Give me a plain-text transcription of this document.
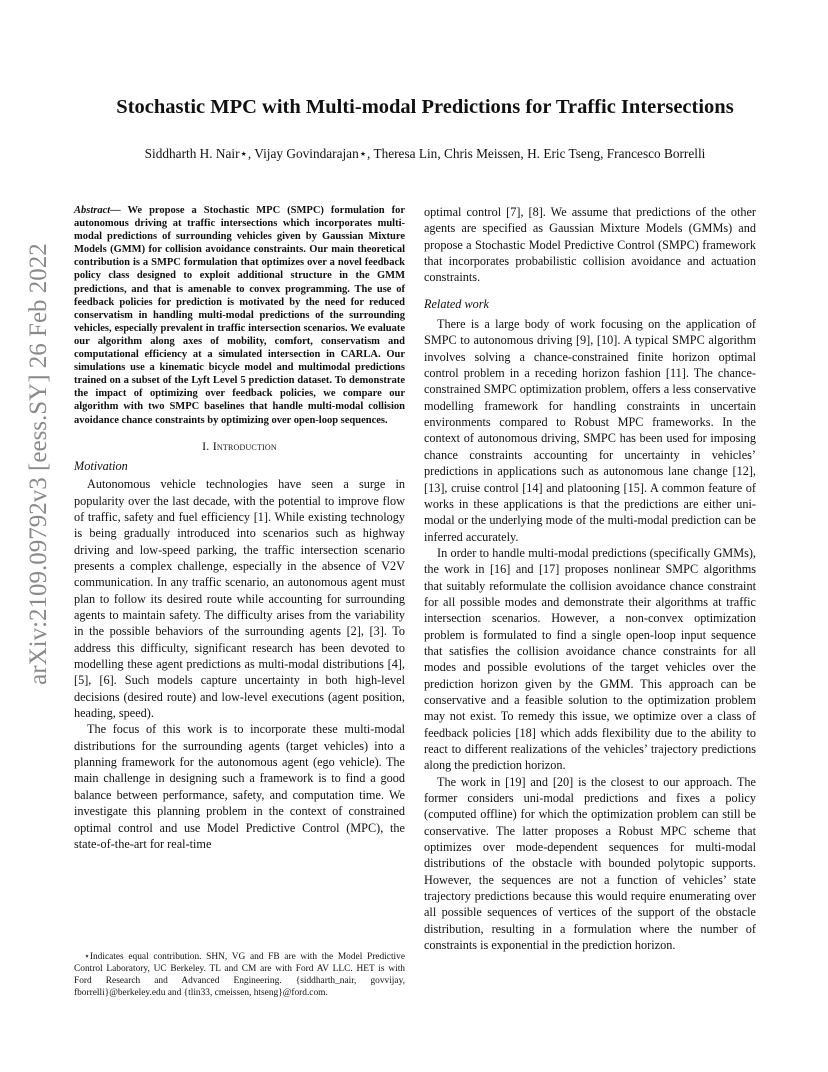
arXiv:2109.09792v3 [eess.SY] 26 Feb 2022
Stochastic MPC with Multi-modal Predictions for Traffic Intersections
Siddharth H. Nair⋆, Vijay Govindarajan⋆, Theresa Lin, Chris Meissen, H. Eric Tseng, Francesco Borrelli

Abstract— We propose a Stochastic MPC (SMPC) formulation for autonomous driving at traffic intersections which incorporates multi-modal predictions of surrounding vehicles given by Gaussian Mixture Models (GMM) for collision avoidance constraints. Our main theoretical contribution is a SMPC formulation that optimizes over a novel feedback policy class designed to exploit additional structure in the GMM predictions, and that is amenable to convex programming. The use of feedback policies for prediction is motivated by the need for reduced conservatism in handling multi-modal predictions of the surrounding vehicles, especially prevalent in traffic intersection scenarios. We evaluate our algorithm along axes of mobility, comfort, conservatism and computational efficiency at a simulated intersection in CARLA. Our simulations use a kinematic bicycle model and multimodal predictions trained on a subset of the Lyft Level 5 prediction dataset. To demonstrate the impact of optimizing over feedback policies, we compare our algorithm with two SMPC baselines that handle multi-modal collision avoidance chance constraints by optimizing over open-loop sequences.

I. Introduction
Motivation

Autonomous vehicle technologies have seen a surge in popularity over the last decade, with the potential to improve flow of traffic, safety and fuel efficiency [1]. While existing technology is being gradually introduced into scenarios such as highway driving and low-speed parking, the traffic intersection scenario presents a complex challenge, especially in the absence of V2V communication. In any traffic scenario, an autonomous agent must plan to follow its desired route while accounting for surrounding agents to maintain safety. The difficulty arises from the variability in the possible behaviors of the surrounding agents [2], [3]. To address this difficulty, significant research has been devoted to modelling these agent predictions as multi-modal distributions [4], [5], [6]. Such models capture uncertainty in both high-level decisions (desired route) and low-level executions (agent position, heading, speed).

The focus of this work is to incorporate these multi-modal distributions for the surrounding agents (target vehicles) into a planning framework for the autonomous agent (ego vehicle). The main challenge in designing such a framework is to find a good balance between performance, safety, and computation time. We investigate this planning problem in the context of constrained optimal control and use Model Predictive Control (MPC), the state-of-the-art for real-time

⋆Indicates equal contribution. SHN, VG and FB are with the Model Predictive Control Laboratory, UC Berkeley. TL and CM are with Ford AV LLC. HET is with Ford Research and Advanced Engineering. {siddharth_nair, govvijay, fborrelli}@berkeley.edu and {tlin33, cmeissen, htseng}@ford.com.

optimal control [7], [8]. We assume that predictions of the other agents are specified as Gaussian Mixture Models (GMMs) and propose a Stochastic Model Predictive Control (SMPC) framework that incorporates probabilistic collision avoidance and actuation constraints.

Related work

There is a large body of work focusing on the application of SMPC to autonomous driving [9], [10]. A typical SMPC algorithm involves solving a chance-constrained finite horizon optimal control problem in a receding horizon fashion [11]. The chance-constrained SMPC optimization problem, offers a less conservative modelling framework for handling constraints in uncertain environments compared to Robust MPC frameworks. In the context of autonomous driving, SMPC has been used for imposing chance constraints accounting for uncertainty in vehicles’ predictions in applications such as autonomous lane change [12], [13], cruise control [14] and platooning [15]. A common feature of works in these applications is that the predictions are either uni-modal or the underlying mode of the multi-modal prediction can be inferred accurately.

In order to handle multi-modal predictions (specifically GMMs), the work in [16] and [17] proposes nonlinear SMPC algorithms that suitably reformulate the collision avoidance chance constraint for all possible modes and demonstrate their algorithms at traffic intersection scenarios. However, a non-convex optimization problem is formulated to find a single open-loop input sequence that satisfies the collision avoidance chance constraints for all modes and possible evolutions of the target vehicles over the prediction horizon given by the GMM. This approach can be conservative and a feasible solution to the optimization problem may not exist. To remedy this issue, we optimize over a class of feedback policies [18] which adds flexibility due to the ability to react to different realizations of the vehicles’ trajectory predictions along the prediction horizon.

The work in [19] and [20] is the closest to our approach. The former considers uni-modal predictions and fixes a policy (computed offline) for which the optimization problem can still be conservative. The latter proposes a Robust MPC scheme that optimizes over mode-dependent sequences for multi-modal distributions of the obstacle with bounded polytopic supports. However, the sequences are not a function of vehicles’ state trajectory predictions because this would require enumerating over all possible sequences of vertices of the support of the obstacle distribution, resulting in a formulation where the number of constraints is exponential in the prediction horizon.
